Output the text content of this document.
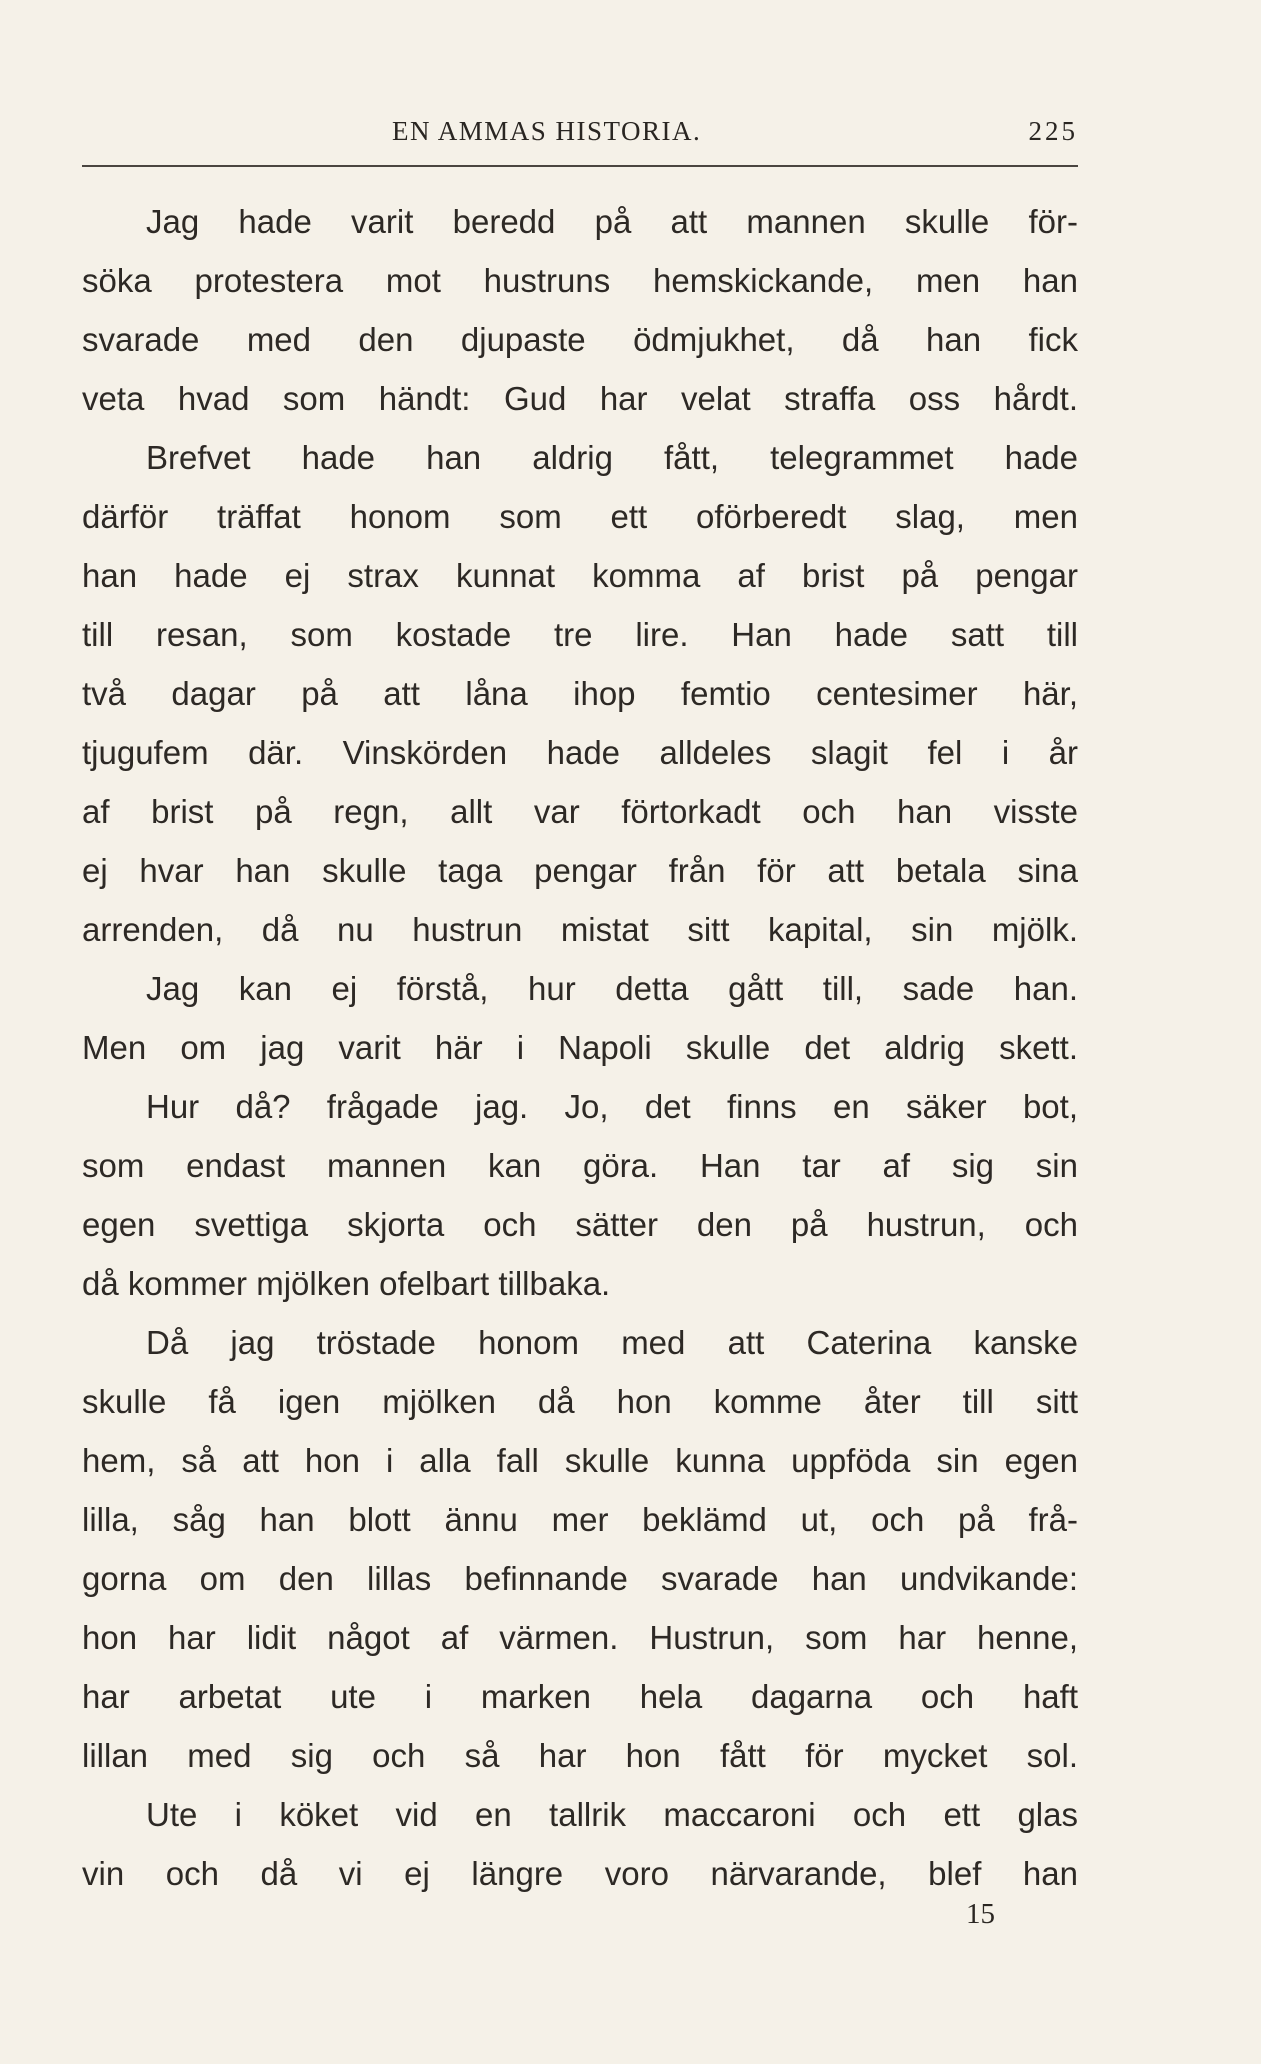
EN AMMAS HISTORIA.	225
Jag hade varit beredd på att mannen skulle för-
söka protestera mot hustruns hemskickande, men han
svarade med den djupaste ödmjukhet, då han fick
veta hvad som händt: Gud har velat straffa oss hårdt.
Brefvet hade han aldrig fått, telegrammet hade
därför träffat honom som ett oförberedt slag, men
han hade ej strax kunnat komma af brist på pengar
till resan, som kostade tre lire. Han hade satt till
två dagar på att låna ihop femtio centesimer här,
tjugufem där. Vinskörden hade alldeles slagit fel i år
af brist på regn, allt var förtorkadt och han visste
ej hvar han skulle taga pengar från för att betala sina
arrenden, då nu hustrun mistat sitt kapital, sin mjölk.
Jag kan ej förstå, hur detta gått till, sade han.
Men om jag varit här i Napoli skulle det aldrig skett.
Hur då? frågade jag. Jo, det finns en säker bot,
som endast mannen kan göra. Han tar af sig sin
egen svettiga skjorta och sätter den på hustrun, och
då kommer mjölken ofelbart tillbaka.
Då jag tröstade honom med att Caterina kanske
skulle få igen mjölken då hon komme åter till sitt
hem, så att hon i alla fall skulle kunna uppföda sin egen
lilla, såg han blott ännu mer beklämd ut, och på frå-
gorna om den lillas befinnande svarade han undvikande:
hon har lidit något af värmen. Hustrun, som har henne,
har arbetat ute i marken hela dagarna och haft
lillan med sig och så har hon fått för mycket sol.
Ute i köket vid en tallrik maccaroni och ett glas
vin och då vi ej längre voro närvarande, blef han
15
